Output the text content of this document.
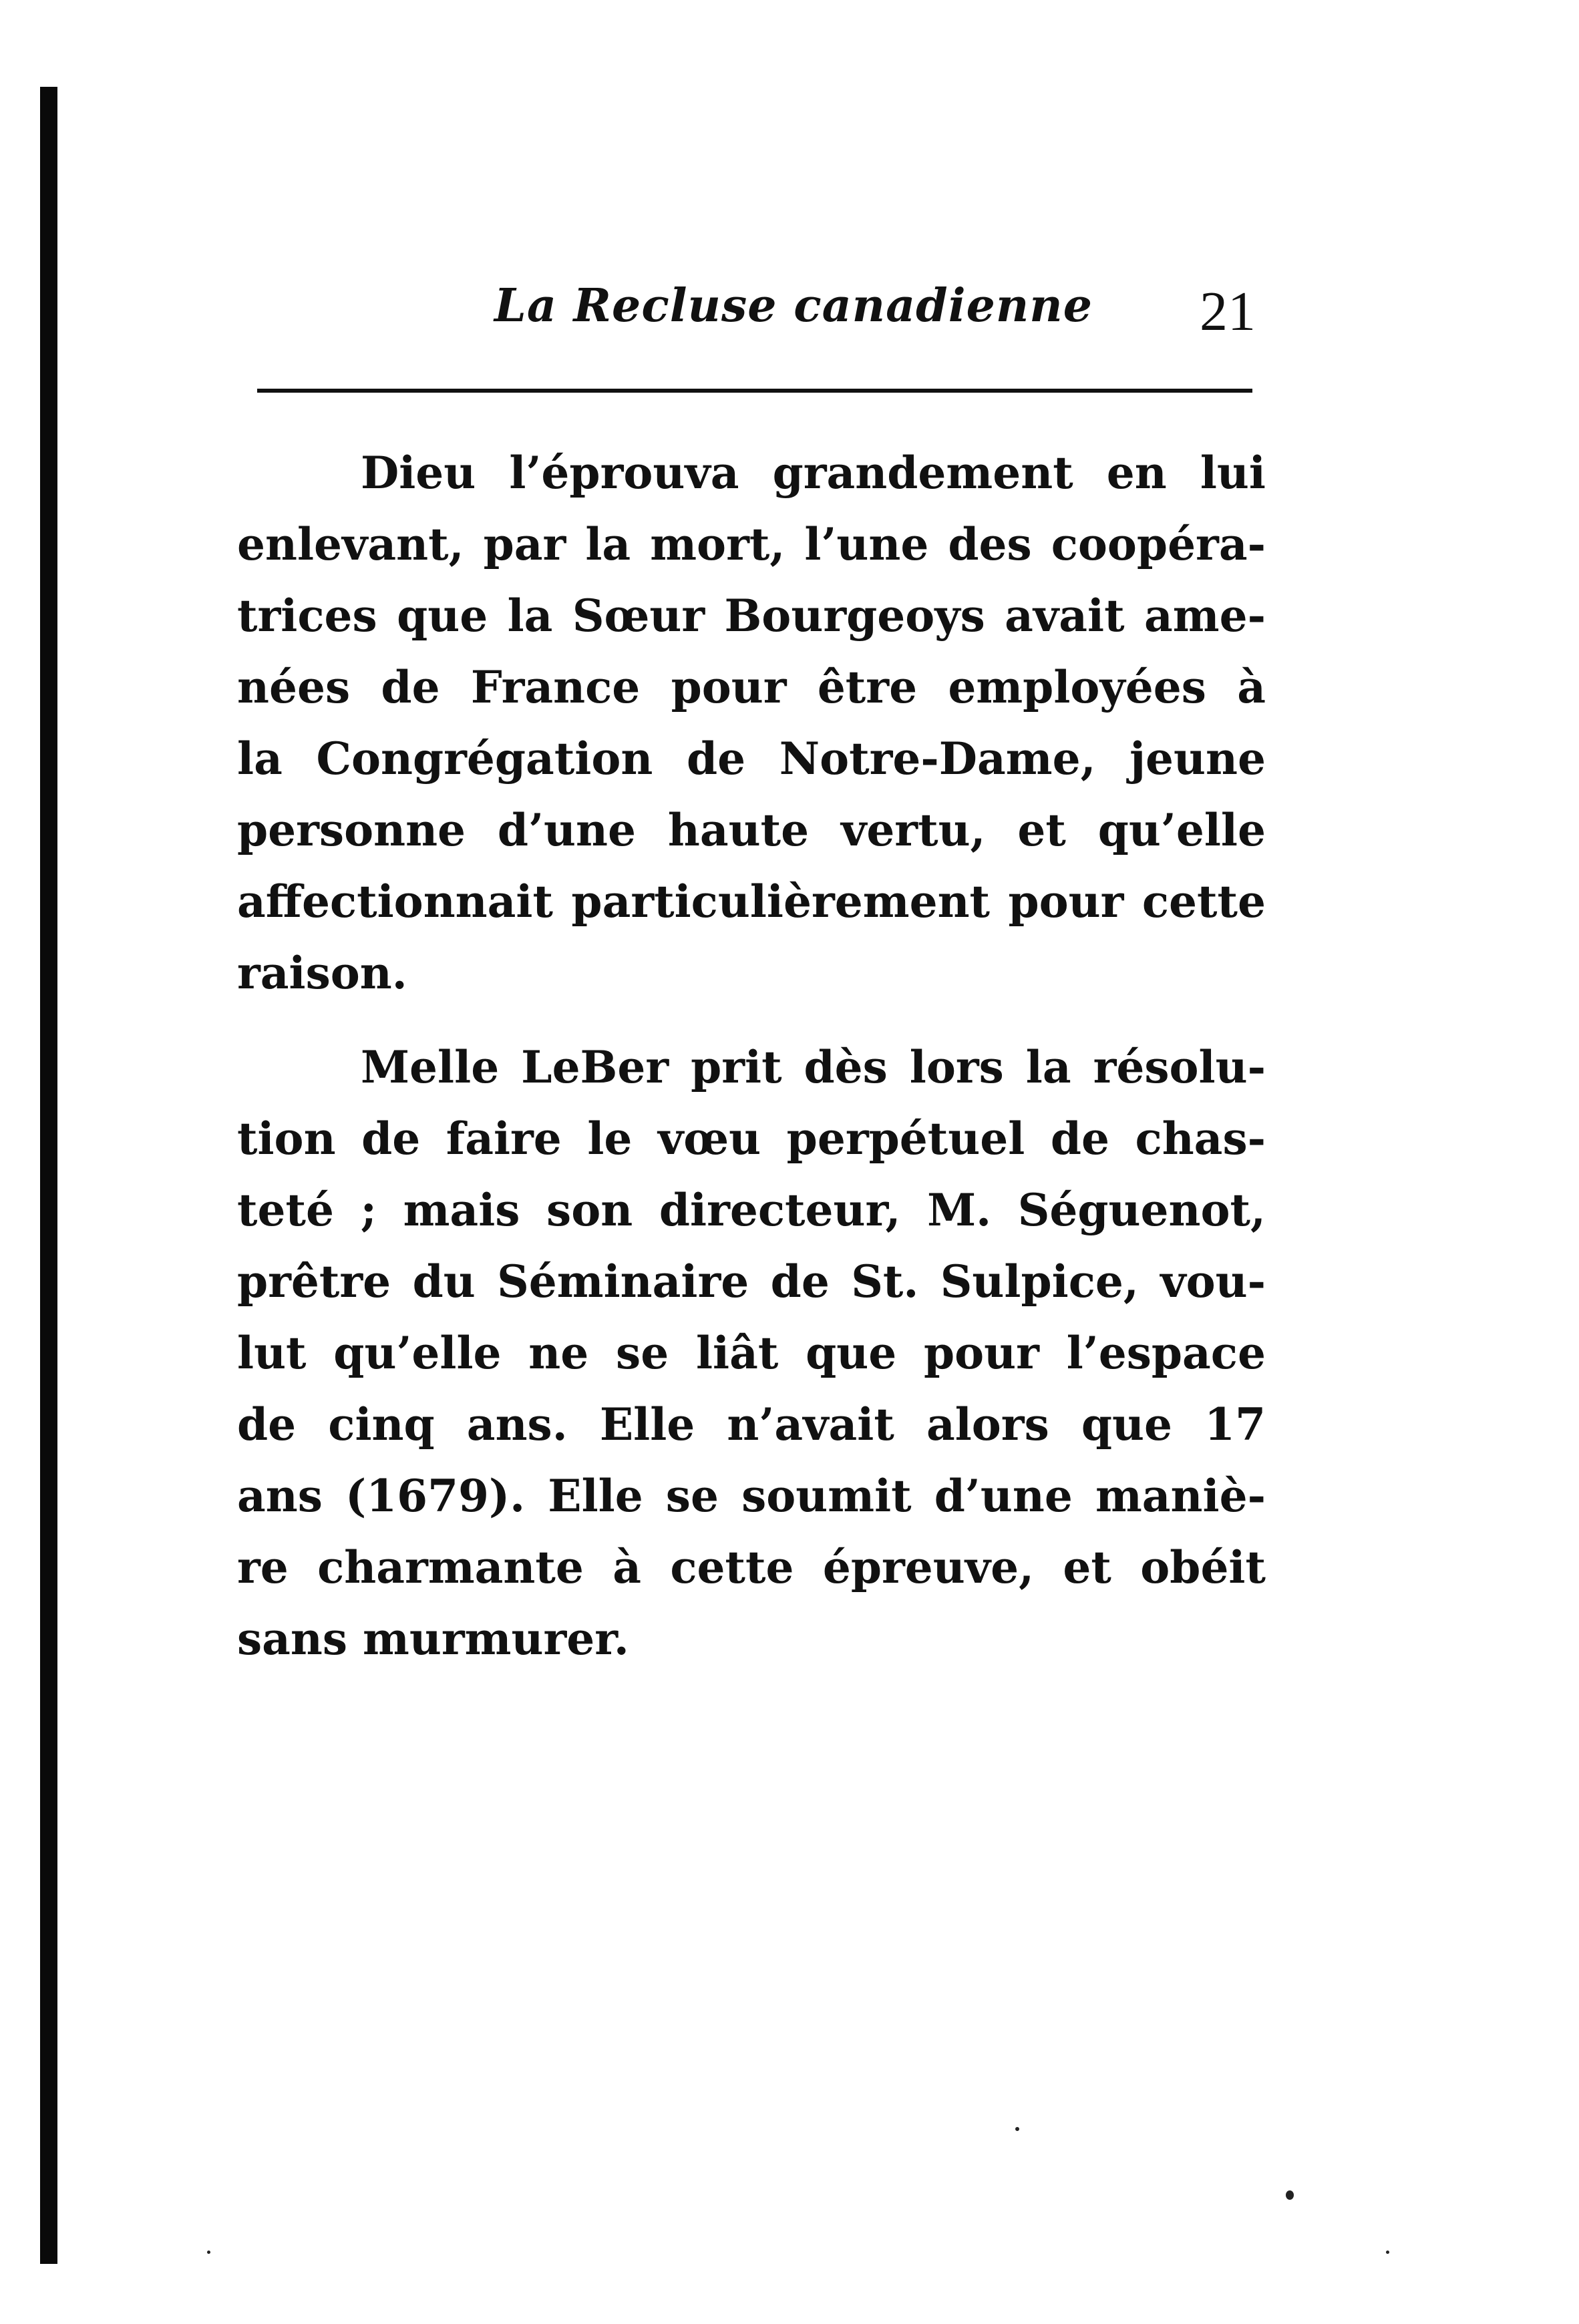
La Recluse canadienne 21

Dieu l’éprouva grandement en lui
enlevant, par la mort, l’une des coopéra-
trices que la Sœur Bourgeoys avait ame-
nées de France pour être employées à
la Congrégation de Notre-Dame, jeune
personne d’une haute vertu, et qu’elle
affectionnait particulièrement pour cette
raison.

Melle LeBer prit dès lors la résolu-
tion de faire le vœu perpétuel de chas-
teté ; mais son directeur, M. Séguenot,
prêtre du Séminaire de St. Sulpice, vou-
lut qu’elle ne se liât que pour l’espace
de cinq ans. Elle n’avait alors que 17
ans (1679). Elle se soumit d’une maniè-
re charmante à cette épreuve, et obéit
sans murmurer.
